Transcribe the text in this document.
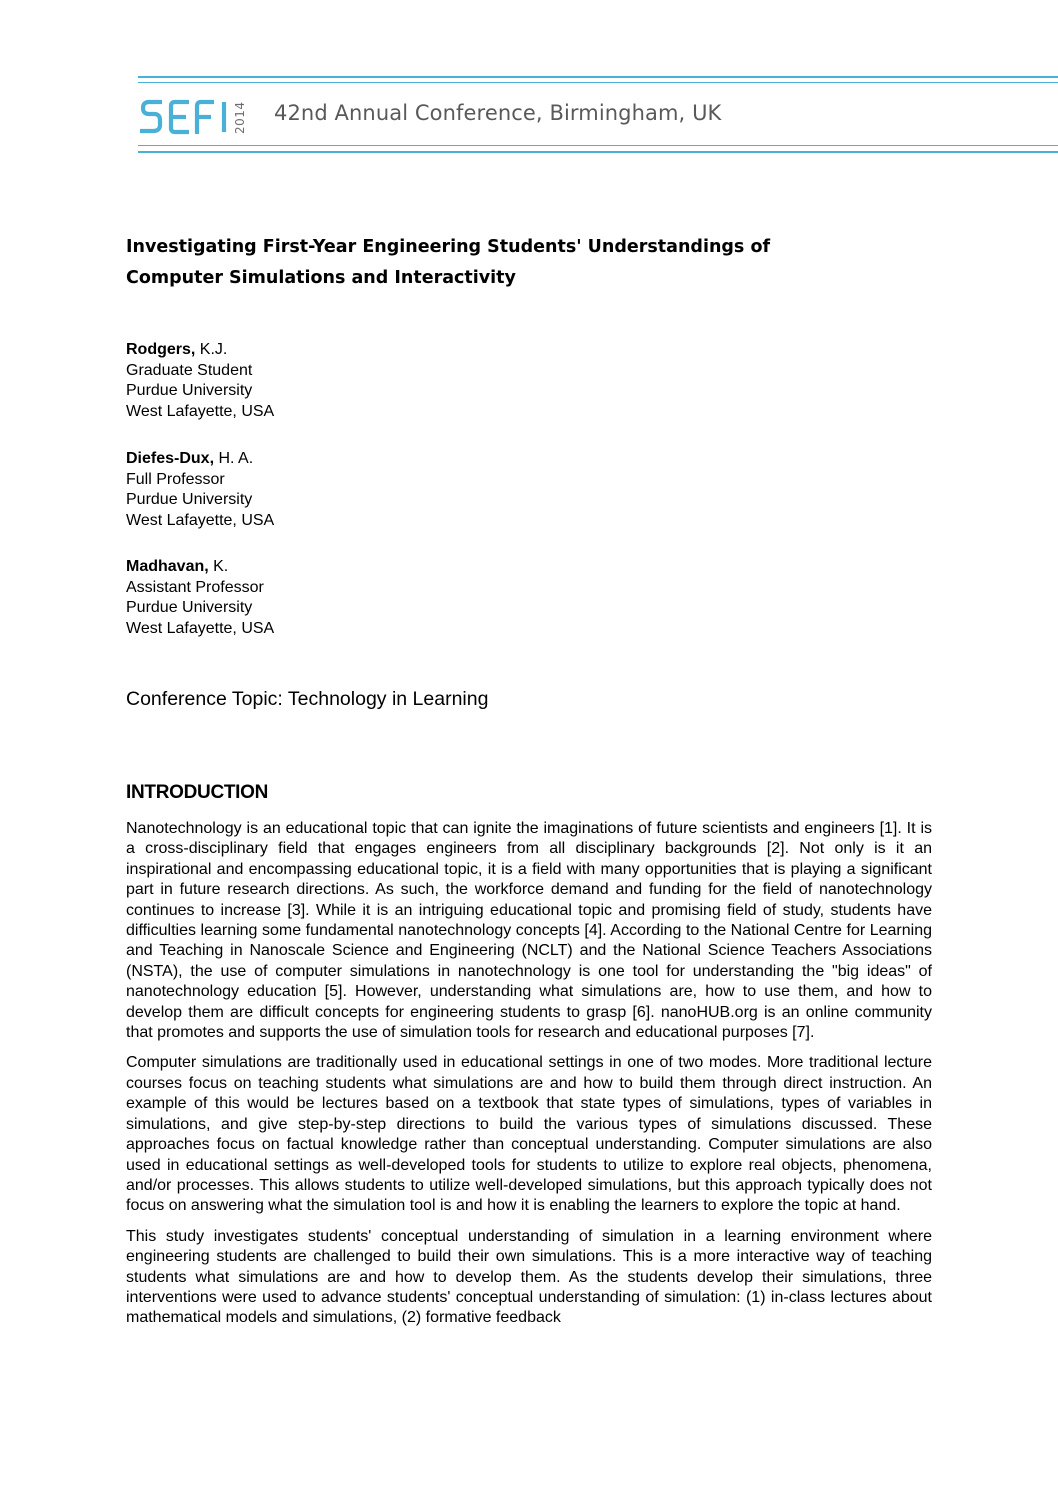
2014 42nd Annual Conference, Birmingham, UK
Investigating First-Year Engineering Students' Understandings of
Computer Simulations and Interactivity
Rodgers, K.J.
Graduate Student
Purdue University
West Lafayette, USA
Diefes-Dux, H. A.
Full Professor
Purdue University
West Lafayette, USA
Madhavan, K.
Assistant Professor
Purdue University
West Lafayette, USA
Conference Topic: Technology in Learning
INTRODUCTION

Nanotechnology is an educational topic that can ignite the imaginations of future scientists and engineers [1]. It is a cross-disciplinary field that engages engineers from all disciplinary backgrounds [2]. Not only is it an inspirational and encompassing educational topic, it is a field with many opportunities that is playing a significant part in future research directions. As such, the workforce demand and funding for the field of nanotechnology continues to increase [3]. While it is an intriguing educational topic and promising field of study, students have difficulties learning some fundamental nanotechnology concepts [4]. According to the National Centre for Learning and Teaching in Nanoscale Science and Engineering (NCLT) and the National Science Teachers Associations (NSTA), the use of computer simulations in nanotechnology is one tool for understanding the "big ideas" of nanotechnology education [5]. However, understanding what simulations are, how to use them, and how to develop them are difficult concepts for engineering students to grasp [6]. nanoHUB.org is an online community that promotes and supports the use of simulation tools for research and educational purposes [7].

Computer simulations are traditionally used in educational settings in one of two modes. More traditional lecture courses focus on teaching students what simulations are and how to build them through direct instruction. An example of this would be lectures based on a textbook that state types of simulations, types of variables in simulations, and give step-by-step directions to build the various types of simulations discussed. These approaches focus on factual knowledge rather than conceptual understanding. Computer simulations are also used in educational settings as well-developed tools for students to utilize to explore real objects, phenomena, and/or processes. This allows students to utilize well-developed simulations, but this approach typically does not focus on answering what the simulation tool is and how it is enabling the learners to explore the topic at hand.

This study investigates students' conceptual understanding of simulation in a learning environment where engineering students are challenged to build their own simulations. This is a more interactive way of teaching students what simulations are and how to develop them. As the students develop their simulations, three interventions were used to advance students' conceptual understanding of simulation: (1) in-class lectures about mathematical models and simulations, (2) formative feedback
